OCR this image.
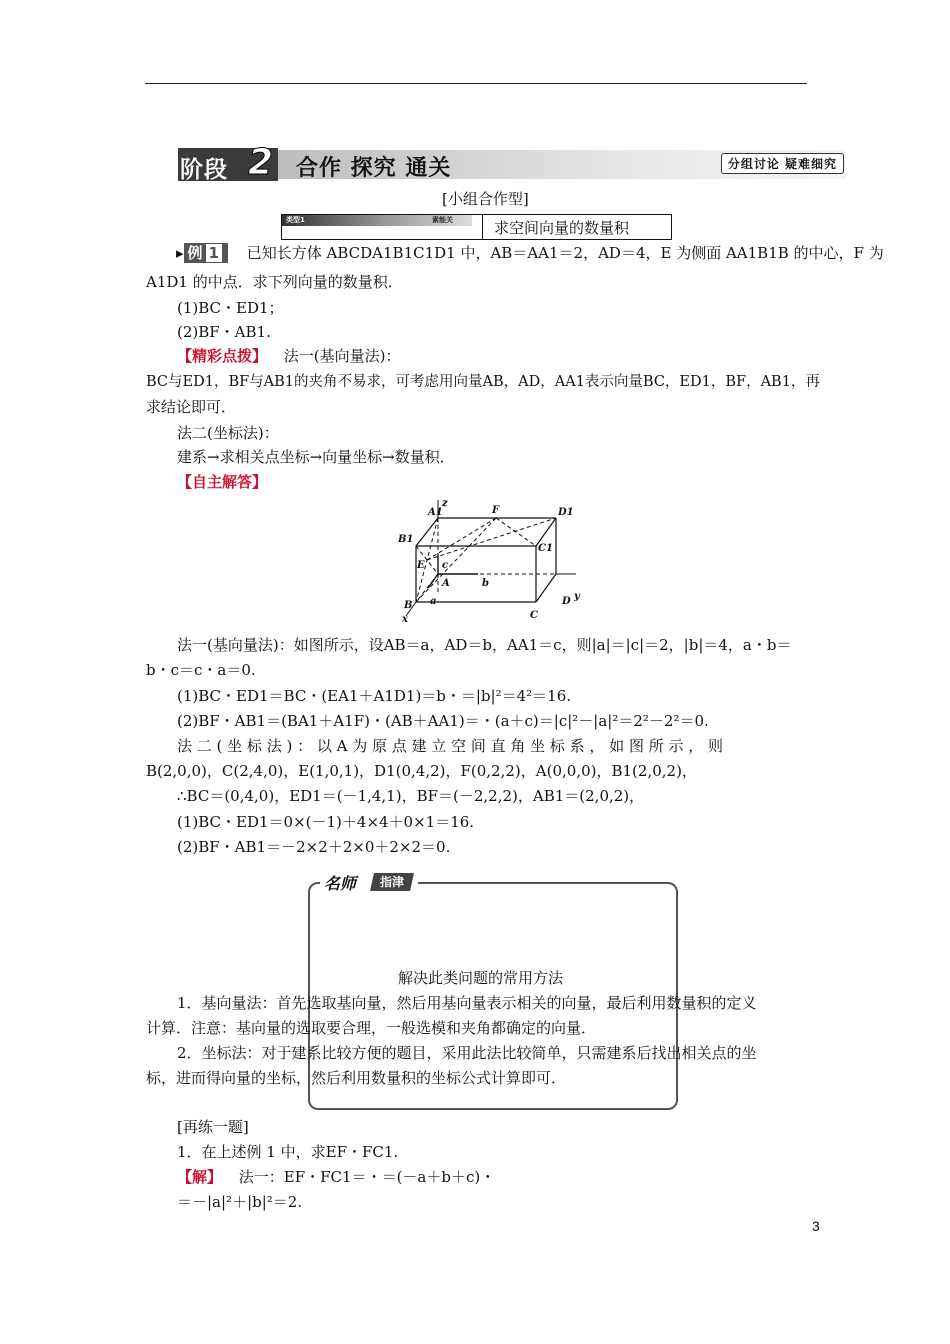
阶段 2 合作 探究 通关	分组讨论 疑难细究
[小组合作型]
类型1	素能关	求空间向量的数量积
▸ 例 1 已知长方体 ABCDA1B1C1D1 中，AB＝AA1＝2，AD＝4，E 为侧面 AA1B1B 的中心，F 为
A1D1 的中点．求下列向量的数量积．
(1)BC・ED1；
(2)BF・AB1.
【精彩点拨】 法一(基向量法)：
BC与ED1，BF与AB1的夹角不易求，可考虑用向量AB，AD，AA1表示向量BC，ED1，BF，AB1，再
求结论即可．
法二(坐标法)：
建系→求相关点坐标→向量坐标→数量积．
【自主解答】
z
A1	F	D1
B1
C1
E c
A	b
B a	D y
C
x
法一(基向量法)：如图所示，设AB＝a，AD＝b，AA1＝c，则|a|＝|c|＝2，|b|＝4，a・b＝
b・c＝c・a＝0.
(1)BC・ED1＝BC・(EA1＋A1D1)＝b・＝|b|²＝4²＝16.
(2)BF・AB1＝(BA1＋A1F)・(AB＋AA1)＝・(a＋c)＝|c|²－|a|²＝2²－2²＝0.
法 二 ( 坐 标 法 ) ： 以 A 为 原 点 建 立 空 间 直 角 坐 标 系 ， 如 图 所 示 ， 则
B(2,0,0)，C(2,4,0)，E(1,0,1)，D1(0,4,2)，F(0,2,2)，A(0,0,0)，B1(2,0,2)，
∴BC＝(0,4,0)，ED1＝(－1,4,1)，BF＝(－2,2,2)，AB1＝(2,0,2)，
(1)BC・ED1＝0×(－1)＋4×4＋0×1＝16.
(2)BF・AB1＝－2×2＋2×0＋2×2＝0.
名师	指津
解决此类问题的常用方法
1．基向量法：首先选取基向量，然后用基向量表示相关的向量，最后利用数量积的定义
计算．注意：基向量的选取要合理，一般选模和夹角都确定的向量．
2．坐标法：对于建系比较方便的题目，采用此法比较简单，只需建系后找出相关点的坐
标，进而得向量的坐标，然后利用数量积的坐标公式计算即可．
[再练一题]
1．在上述例 1 中，求EF・FC1.
【解】 法一：EF・FC1＝・＝(－a＋b＋c)・
＝－|a|²＋|b|²＝2.
3
